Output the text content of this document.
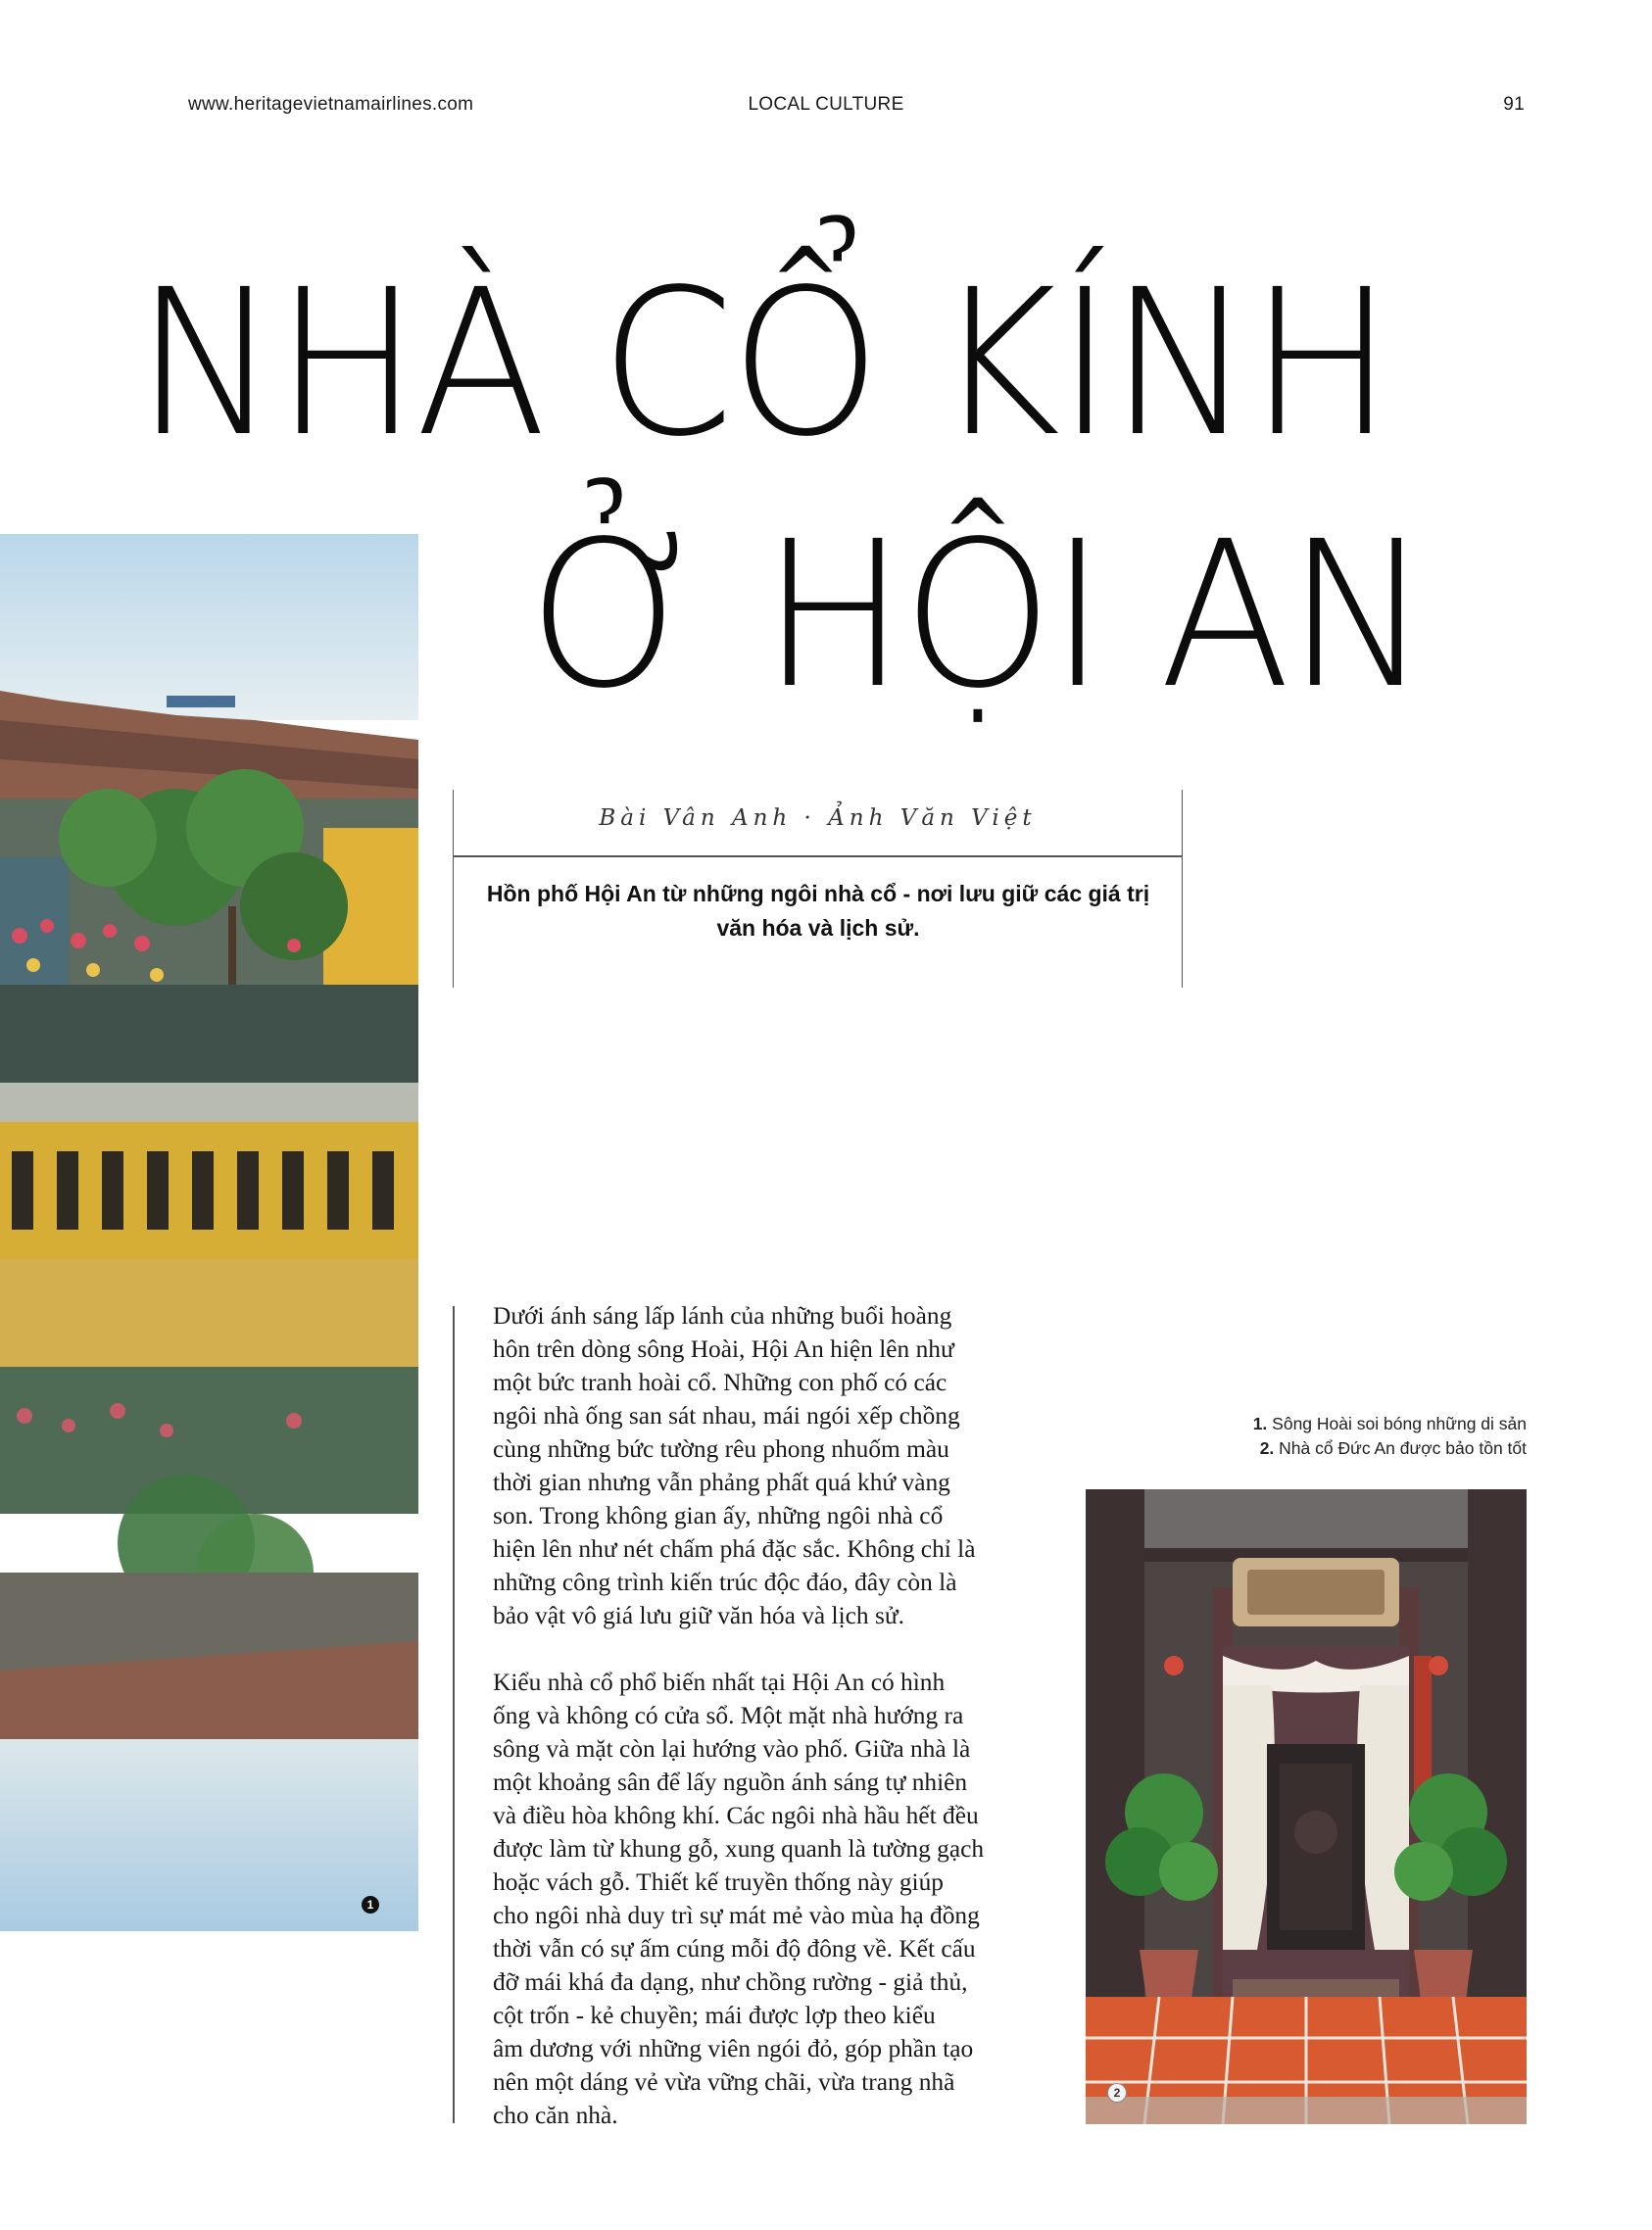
www.heritagevietnamairlines.com	LOCAL CULTURE	91
NHÀ CỔ KÍNH
Ở HỘI AN
Bài Vân Anh · Ảnh Văn Việt
Hồn phố Hội An từ những ngôi nhà cổ - nơi lưu giữ các giá trị
văn hóa và lịch sử.

Dưới ánh sáng lấp lánh của những buổi hoàng
hôn trên dòng sông Hoài, Hội An hiện lên như
một bức tranh hoài cổ. Những con phố có các
ngôi nhà ống san sát nhau, mái ngói xếp chồng
cùng những bức tường rêu phong nhuốm màu
thời gian nhưng vẫn phảng phất quá khứ vàng
son. Trong không gian ấy, những ngôi nhà cổ
hiện lên như nét chấm phá đặc sắc. Không chỉ là
những công trình kiến trúc độc đáo, đây còn là
bảo vật vô giá lưu giữ văn hóa và lịch sử.

Kiểu nhà cổ phổ biến nhất tại Hội An có hình
ống và không có cửa sổ. Một mặt nhà hướng ra
sông và mặt còn lại hướng vào phố. Giữa nhà là
một khoảng sân để lấy nguồn ánh sáng tự nhiên
và điều hòa không khí. Các ngôi nhà hầu hết đều
được làm từ khung gỗ, xung quanh là tường gạch
hoặc vách gỗ. Thiết kế truyền thống này giúp
cho ngôi nhà duy trì sự mát mẻ vào mùa hạ đồng
thời vẫn có sự ấm cúng mỗi độ đông về. Kết cấu
đỡ mái khá đa dạng, như chồng rường - giả thủ,
cột trốn - kẻ chuyền; mái được lợp theo kiểu
âm dương với những viên ngói đỏ, góp phần tạo
nên một dáng vẻ vừa vững chãi, vừa trang nhã
cho căn nhà.

1. Sông Hoài soi bóng những di sản
2. Nhà cổ Đức An được bảo tồn tốt
1
2
